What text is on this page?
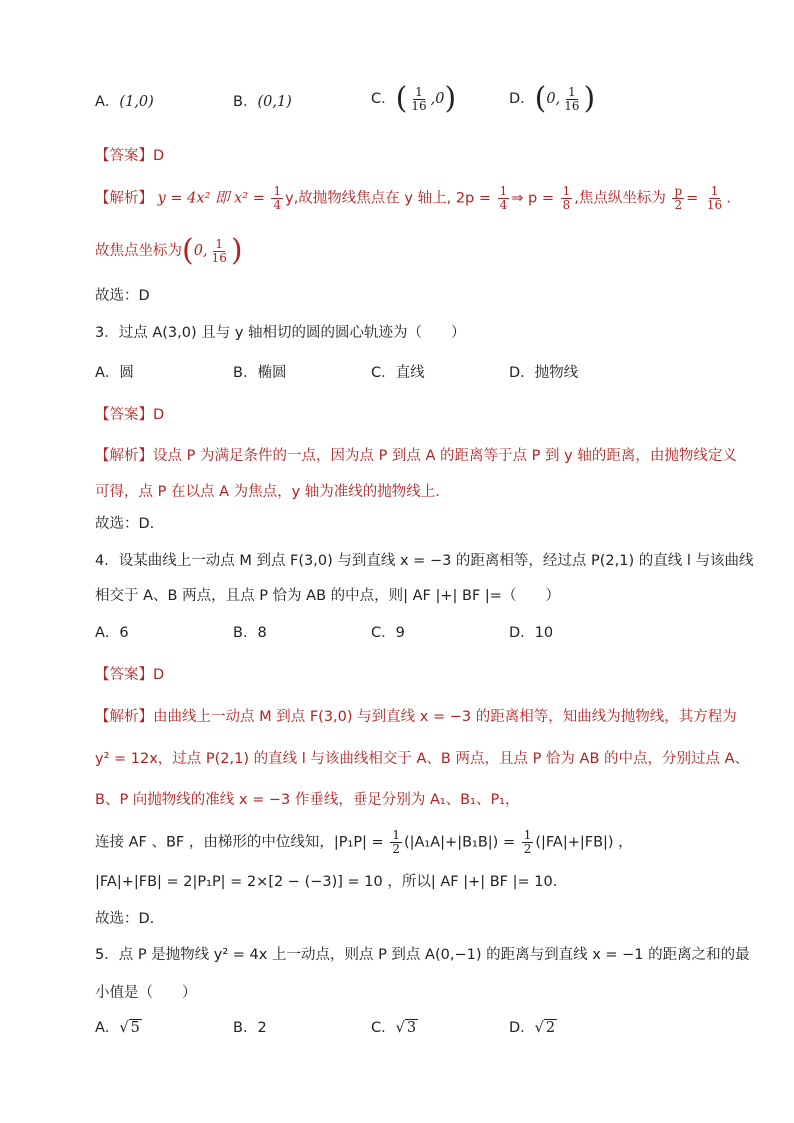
A．(1,0)	B．(0,1)	C．( $\frac{1}{16} ,0$)	D．(0, $\frac{1}{16}$ )
【答案】D
【解析】 y = 4x² 即 $x^2 = \frac{1}{4} y$,故抛物线焦点在 y 轴上, $2p = \frac{1}{4}$ ⇒ $p = \frac{1}{8}$ ,焦点纵坐标为 $\frac{p}{2} = \frac{1}{16}$ .
故焦点坐标为(0, $\frac{1}{16}$ )
故选：D
3．过点 A(3,0) 且与 y 轴相切的圆的圆心轨迹为（　　）
A．圆	B．椭圆	C．直线	D．抛物线
【答案】D
【解析】设点 P 为满足条件的一点，因为点 P 到点 A 的距离等于点 P 到 y 轴的距离，由抛物线定义
可得，点 P 在以点 A 为焦点，y 轴为准线的抛物线上.
故选：D.
4．设某曲线上一动点 M 到点 F(3,0) 与到直线 x = −3 的距离相等，经过点 P(2,1) 的直线 l 与该曲线
相交于 A、B 两点，且点 P 恰为 AB 的中点，则| AF |+| BF |=（　　）
A．6	B．8	C．9	D．10
【答案】D
【解析】由曲线上一动点 M 到点 F(3,0) 与到直线 x = −3 的距离相等，知曲线为抛物线，其方程为
y² = 12x，过点 P(2,1) 的直线 l 与该曲线相交于 A、B 两点，且点 P 恰为 AB 的中点，分别过点 A、
B、P 向抛物线的准线 x = −3 作垂线，垂足分别为 A₁、B₁、P₁，
连接 AF 、BF ，由梯形的中位线知，$|P_1P| = \frac{1}{2} (|A_1A|+|B_1B|) = \frac{1}{2} (|FA|+|FB|)$ ，
|FA|+|FB| = 2|P₁P| = 2×[2 − (−3)] = 10 ，所以| AF |+| BF |= 10.
故选：D.
5．点 P 是抛物线 y² = 4x 上一动点，则点 P 到点 A(0,−1) 的距离与到直线 x = −1 的距离之和的最
小值是（　　）
A．√ 5	B．2	C．√ 3	D．√ 2
